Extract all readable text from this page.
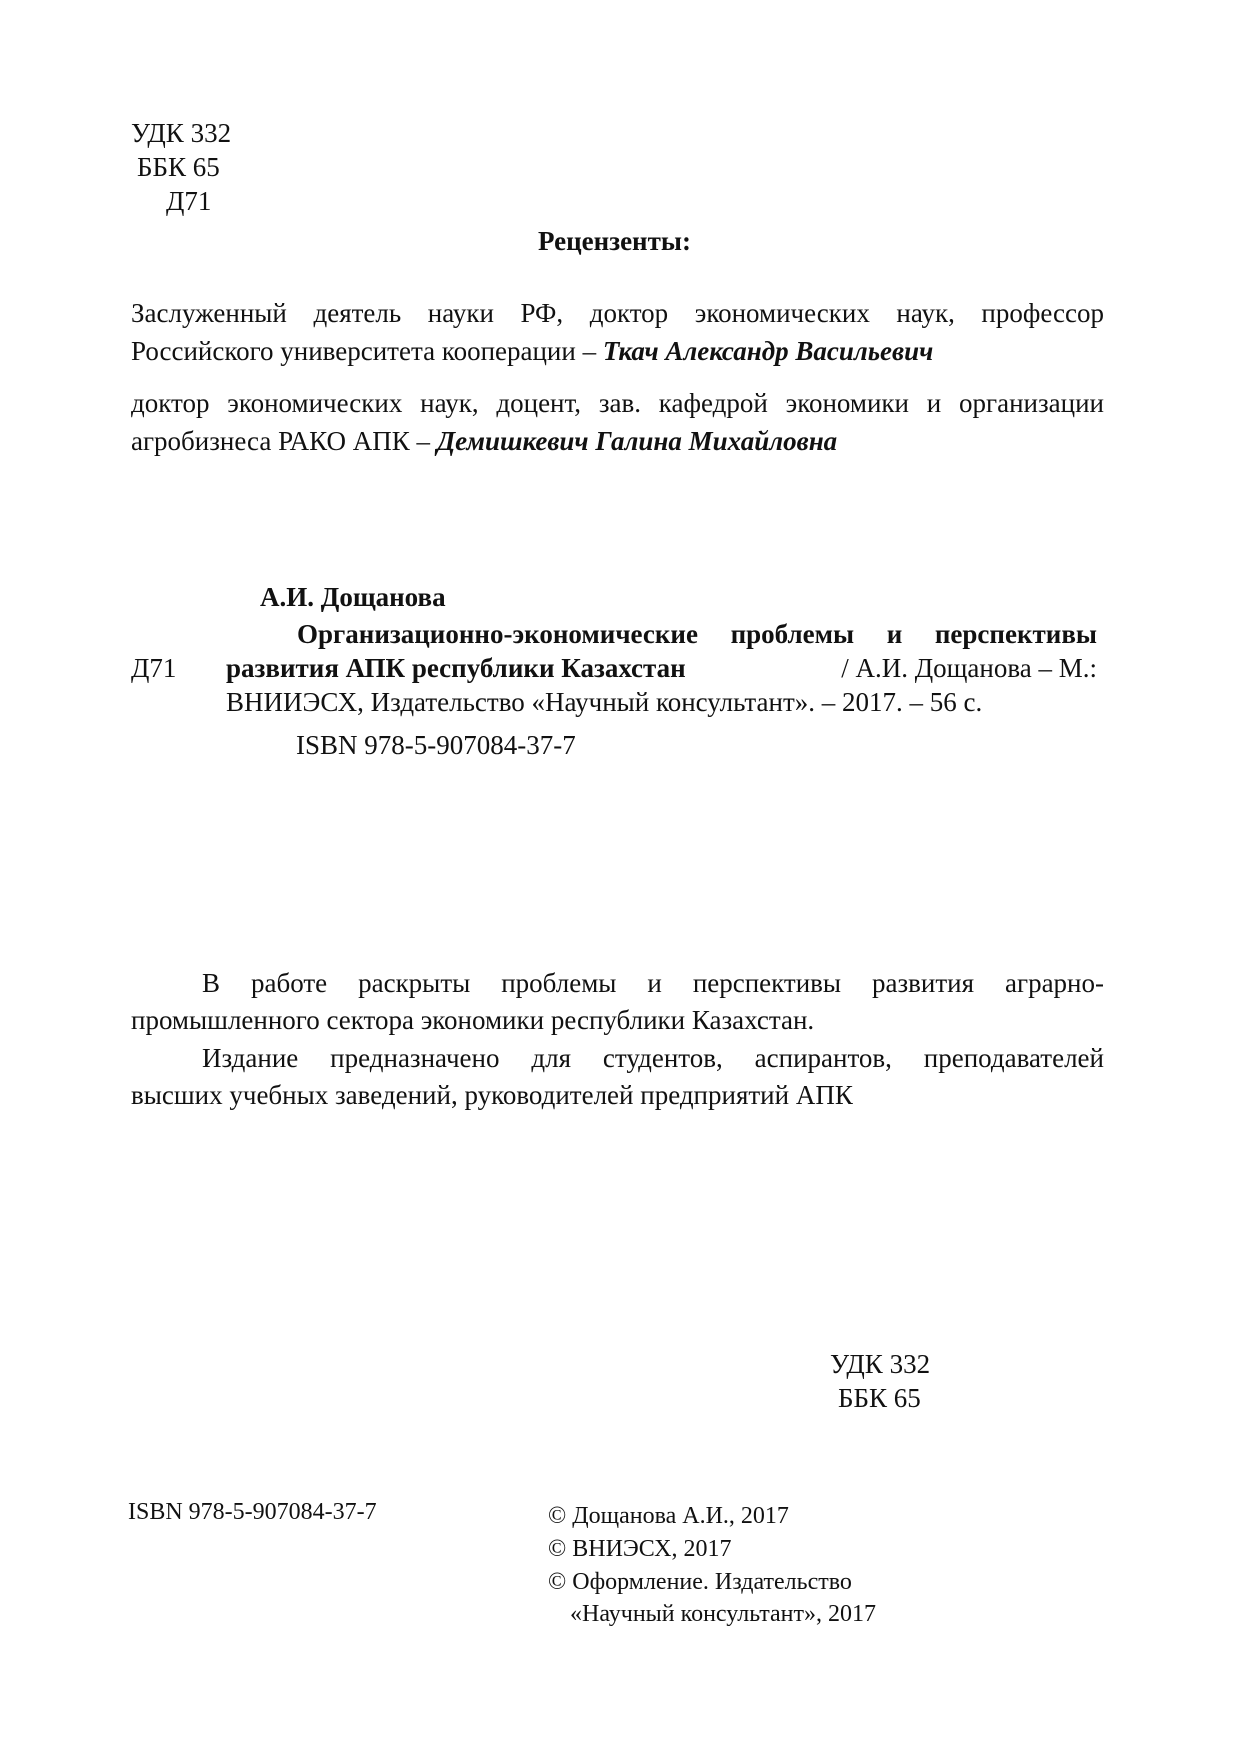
УДК 332
ББК 65
Д71
Рецензенты:
Заслуженный деятель науки РФ, доктор экономических наук, профессор
Российского университета кооперации – Ткач Александр Васильевич
доктор экономических наук, доцент, зав. кафедрой экономики и организации
агробизнеса РАКО АПК – Демишкевич Галина Михайловна
А.И. Дощанова
Организационно-экономические проблемы и перспективы
Д71 развития АПК республики Казахстан	/ А.И. Дощанова – М.:
ВНИИЭСХ, Издательство «Научный консультант». – 2017. – 56 с.
ISBN 978-5-907084-37-7
В работе раскрыты проблемы и перспективы развития аграрно-
промышленного сектора экономики республики Казахстан.
Издание предназначено для студентов, аспирантов, преподавателей
высших учебных заведений, руководителей предприятий АПК
УДК 332
ББК 65
ISBN 978-5-907084-37-7	© Дощанова А.И., 2017
© ВНИЭСХ, 2017
© Оформление. Издательство
«Научный консультант», 2017
